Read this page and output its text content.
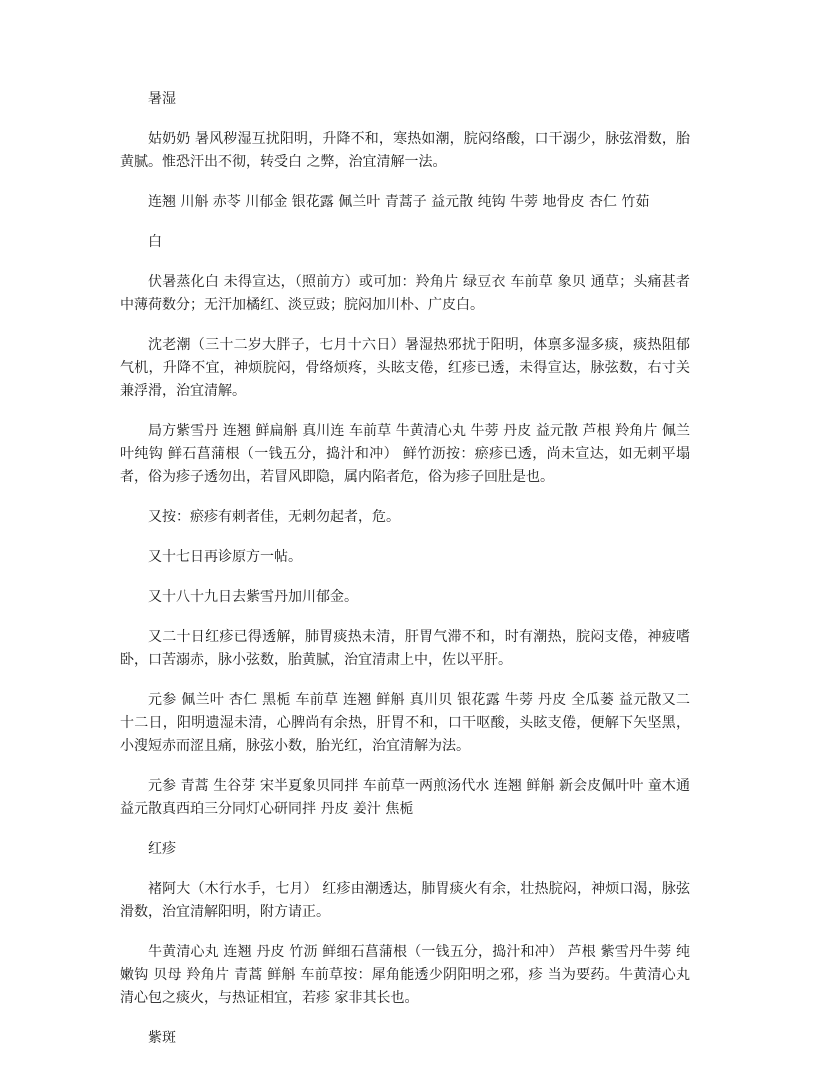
暑湿

姑奶奶 暑风秽湿互扰阳明，升降不和，寒热如潮，脘闷络酸，口干溺少，脉弦滑数，胎黄腻。惟恐汗出不彻，转受白 之弊，治宜清解一法。

连翘 川斛 赤苓 川郁金 银花露 佩兰叶 青蒿子 益元散 纯钩 牛蒡 地骨皮 杏仁 竹茹

白

伏暑蒸化白 未得宣达，（照前方）或可加：羚角片 绿豆衣 车前草 象贝 通草；头痛甚者中薄荷数分；无汗加橘红、淡豆豉；脘闷加川朴、广皮白。

沈老潮（三十二岁大胖子，七月十六日）暑湿热邪扰于阳明，体禀多湿多痰，痰热阻郁气机，升降不宜，神烦脘闷，骨络烦疼，头眩支倦，红疹已透，未得宣达，脉弦数，右寸关兼浮滑，治宜清解。

局方紫雪丹 连翘 鲜扁斛 真川连 车前草 牛黄清心丸 牛蒡 丹皮 益元散 芦根 羚角片 佩兰叶纯钩 鲜石菖蒲根（一钱五分，捣汁和冲） 鲜竹沥按：瘀疹已透，尚未宣达，如无刺平塌者，俗为疹子透勿出，若冒风即隐，属内陷者危，俗为疹子回肚是也。

又按：瘀疹有刺者佳，无刺勿起者，危。

又十七日再诊原方一帖。

又十八十九日去紫雪丹加川郁金。

又二十日红疹已得透解，肺胃痰热未清，肝胃气滞不和，时有潮热，脘闷支倦，神疲嗜卧，口苦溺赤，脉小弦数，胎黄腻，治宜清肃上中，佐以平肝。

元参 佩兰叶 杏仁 黑栀 车前草 连翘 鲜斛 真川贝 银花露 牛蒡 丹皮 全瓜蒌 益元散又二十二日，阳明遗湿未清，心脾尚有余热，肝胃不和，口干呕酸，头眩支倦，便解下矢坚黑，小溲短赤而涩且痛，脉弦小数，胎光红，治宜清解为法。

元参 青蒿 生谷芽 宋半夏象贝同拌 车前草一两煎汤代水 连翘 鲜斛 新会皮佩叶叶 童木通 益元散真西珀三分同灯心研同拌 丹皮 姜汁 焦栀

红疹

褚阿大（木行水手，七月） 红疹由潮透达，肺胃痰火有余，壮热脘闷，神烦口渴，脉弦滑数，治宜清解阳明，附方请正。

牛黄清心丸 连翘 丹皮 竹沥 鲜细石菖蒲根（一钱五分，捣汁和冲） 芦根 紫雪丹牛蒡 纯嫩钩 贝母 羚角片 青蒿 鲜斛 车前草按：犀角能透少阴阳明之邪，疹 当为要药。牛黄清心丸清心包之痰火，与热证相宜，若疹 家非其长也。

紫斑
